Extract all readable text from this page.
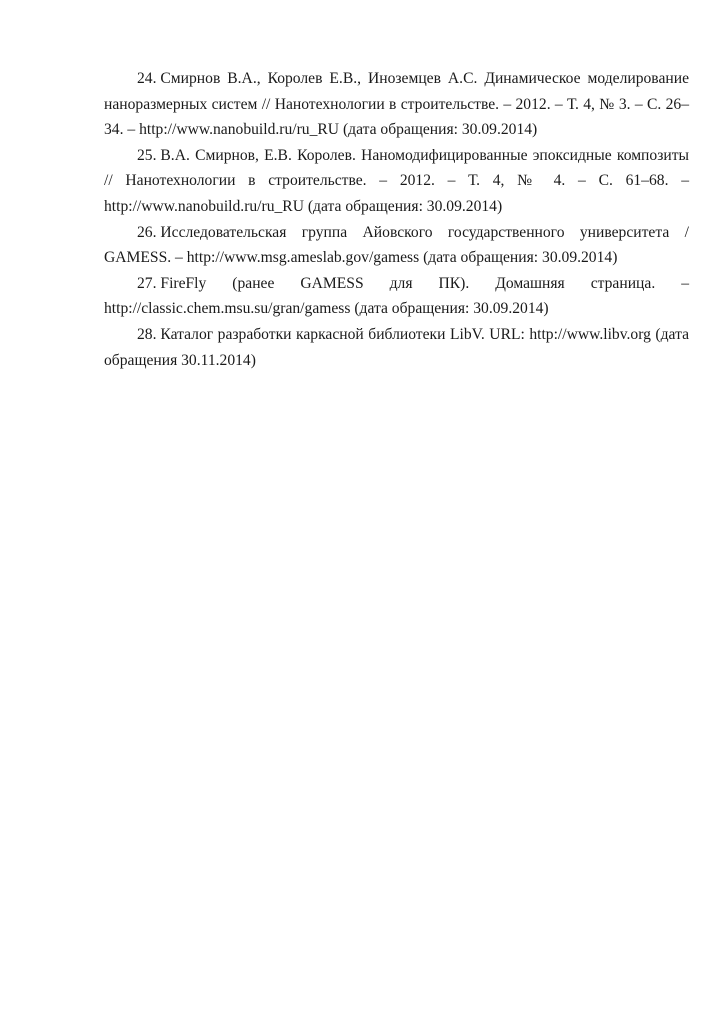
24. Смирнов В.А., Королев Е.В., Иноземцев А.С. Динамическое моделирование наноразмерных систем // Нанотехнологии в строительстве. – 2012. – Т. 4, № 3. – С. 26–34. – http://www.nanobuild.ru/ru_RU (дата обращения: 30.09.2014)

25. В.А. Смирнов, Е.В. Королев. Наномодифицированные эпоксидные композиты // Нанотехнологии в строительстве. – 2012. – Т. 4, № 4. – С. 61–68. – http://www.nanobuild.ru/ru_RU (дата обращения: 30.09.2014)

26. Исследовательская группа Айовского государственного университета / GAMESS. – http://www.msg.ameslab.gov/gamess (дата обращения: 30.09.2014)

27. FireFly (ранее GAMESS для ПК). Домашняя страница. – http://classic.chem.msu.su/gran/gamess (дата обращения: 30.09.2014)

28. Каталог разработки каркасной библиотеки LibV. URL: http://www.libv.org (дата обращения 30.11.2014)
